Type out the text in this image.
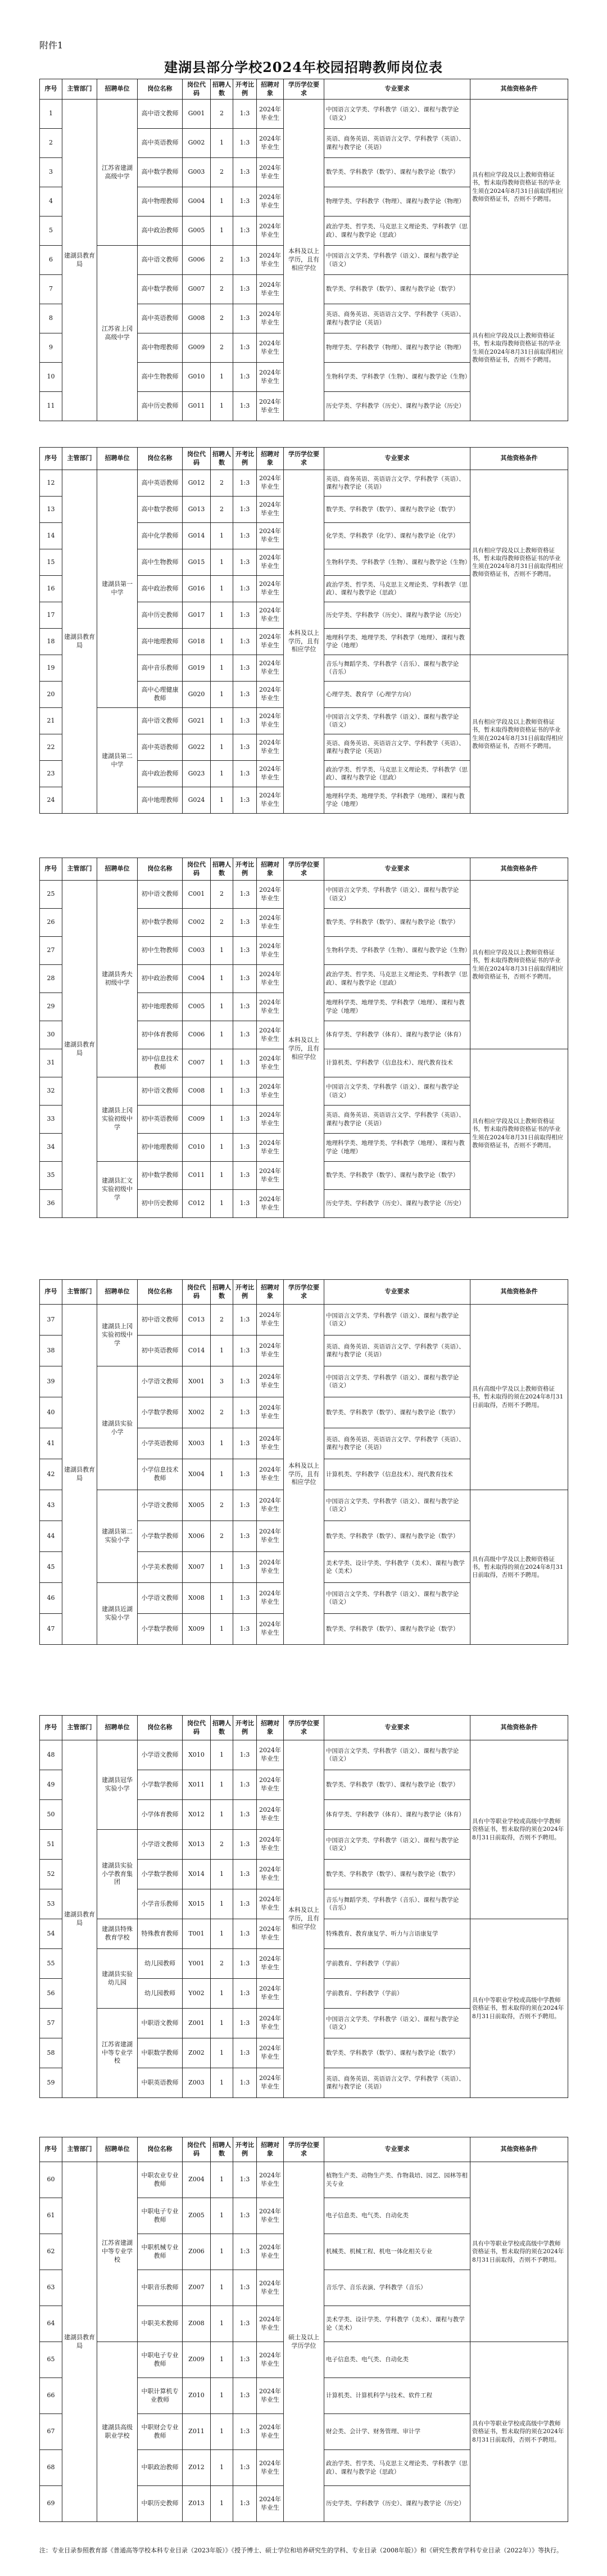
附件1
建湖县部分学校2024年校园招聘教师岗位表
序号	主管部门	招聘单位	岗位名称	岗位代码	招聘人数	开考比例	招聘对象	学历学位要求	专业要求	其他资格条件
1	建湖县教育局	江苏省建湖高级中学	高中语文教师	G001	2	1:3	2024年毕业生	本科及以上学历，且有相应学位	中国语言文学类、学科教学（语文）、课程与教学论（语文）	具有相应学段及以上教师资格证书，暂未取得教师资格证书的毕业生须在2024年8月31日前取得相应教师资格证书，否则不予聘用。
2			高中英语教师	G002	1	1:3	2024年毕业生		英语、商务英语、英语语言文学、学科教学（英语）、课程与教学论（英语）	
3			高中数学教师	G003	2	1:3	2024年毕业生		数学类、学科教学（数学）、课程与教学论（数学）	
4			高中物理教师	G004	1	1:3	2024年毕业生		物理学类、学科教学（物理）、课程与教学论（物理）	
5			高中政治教师	G005	1	1:3	2024年毕业生		政治学类、哲学类、马克思主义理论类、学科教学（思政）、课程与教学论（思政）	
6		江苏省上冈高级中学	高中语文教师	G006	2	1:3	2024年毕业生		中国语言文学类、学科教学（语文）、课程与教学论（语文）	
7			高中数学教师	G007	2	1:3	2024年毕业生		数学类、学科教学（数学）、课程与教学论（数学）	具有相应学段及以上教师资格证书，暂未取得教师资格证书的毕业生须在2024年8月31日前取得相应教师资格证书，否则不予聘用。
8			高中英语教师	G008	2	1:3	2024年毕业生		英语、商务英语、英语语言文学、学科教学（英语）、课程与教学论（英语）	
9			高中物理教师	G009	2	1:3	2024年毕业生		物理学类、学科教学（物理）、课程与教学论（物理）	
10			高中生物教师	G010	1	1:3	2024年毕业生		生物科学类、学科教学（生物）、课程与教学论（生物）	
11			高中历史教师	G011	1	1:3	2024年毕业生		历史学类、学科教学（历史）、课程与教学论（历史）	
序号	主管部门	招聘单位	岗位名称	岗位代码	招聘人数	开考比例	招聘对象	学历学位要求	专业要求	其他资格条件
12	建湖县教育局	建湖县第一中学	高中英语教师	G012	2	1:3	2024年毕业生	本科及以上学历，且有相应学位	英语、商务英语、英语语言文学、学科教学（英语）、课程与教学论（英语）	具有相应学段及以上教师资格证书，暂未取得教师资格证书的毕业生须在2024年8月31日前取得相应教师资格证书，否则不予聘用。
13			高中数学教师	G013	2	1:3	2024年毕业生		数学类、学科教学（数学）、课程与教学论（数学）	
14			高中化学教师	G014	1	1:3	2024年毕业生		化学类、学科教学（化学）、课程与教学论（化学）	
15			高中生物教师	G015	1	1:3	2024年毕业生		生物科学类、学科教学（生物）、课程与教学论（生物）	
16			高中政治教师	G016	1	1:3	2024年毕业生		政治学类、哲学类、马克思主义理论类、学科教学（思政）、课程与教学论（思政）	
17			高中历史教师	G017	1	1:3	2024年毕业生		历史学类、学科教学（历史）、课程与教学论（历史）	
18			高中地理教师	G018	1	1:3	2024年毕业生		地理科学类、地理学类、学科教学（地理）、课程与教学论（地理）	
19			高中音乐教师	G019	1	1:3	2024年毕业生		音乐与舞蹈学类、学科教学（音乐）、课程与教学论（音乐）	具有相应学段及以上教师资格证书，暂未取得教师资格证书的毕业生须在2024年8月31日前取得相应教师资格证书，否则不予聘用。
20			高中心理健康教师	G020	1	1:3	2024年毕业生		心理学类、教育学（心理学方向）	
21		建湖县第二中学	高中语文教师	G021	1	1:3	2024年毕业生		中国语言文学类、学科教学（语文）、课程与教学论（语文）	
22			高中英语教师	G022	1	1:3	2024年毕业生		英语、商务英语、英语语言文学、学科教学（英语）、课程与教学论（英语）	
23			高中政治教师	G023	1	1:3	2024年毕业生		政治学类、哲学类、马克思主义理论类、学科教学（思政）、课程与教学论（思政）	
24			高中地理教师	G024	1	1:3	2024年毕业生		地理科学类、地理学类、学科教学（地理）、课程与教学论（地理）	
序号	主管部门	招聘单位	岗位名称	岗位代码	招聘人数	开考比例	招聘对象	学历学位要求	专业要求	其他资格条件
25	建湖县教育局	建湖县秀夫初级中学	初中语文教师	C001	2	1:3	2024年毕业生	本科及以上学历，且有相应学位	中国语言文学类、学科教学（语文）、课程与教学论（语文）	具有相应学段及以上教师资格证书，暂未取得教师资格证书的毕业生须在2024年8月31日前取得相应教师资格证书，否则不予聘用。
26			初中数学教师	C002	2	1:3	2024年毕业生		数学类、学科教学（数学）、课程与教学论（数学）	
27			初中生物教师	C003	1	1:3	2024年毕业生		生物科学类、学科教学（生物）、课程与教学论（生物）	
28			初中政治教师	C004	1	1:3	2024年毕业生		政治学类、哲学类、马克思主义理论类、学科教学（思政）、课程与教学论（思政）	
29			初中地理教师	C005	1	1:3	2024年毕业生		地理科学类、地理学类、学科教学（地理）、课程与教学论（地理）	
30			初中体育教师	C006	1	1:3	2024年毕业生		体育学类、学科教学（体育）、课程与教学论（体育）	
31			初中信息技术教师	C007	1	1:3	2024年毕业生		计算机类、学科教学（信息技术）、现代教育技术	具有相应学段及以上教师资格证书，暂未取得教师资格证书的毕业生须在2024年8月31日前取得相应教师资格证书，否则不予聘用。
32		建湖县上冈实验初级中学	初中语文教师	C008	1	1:3	2024年毕业生		中国语言文学类、学科教学（语文）、课程与教学论（语文）	
33			初中英语教师	C009	1	1:3	2024年毕业生		英语、商务英语、英语语言文学、学科教学（英语）、课程与教学论（英语）	
34			初中地理教师	C010	1	1:3	2024年毕业生		地理科学类、地理学类、学科教学（地理）、课程与教学论（地理）	
35		建湖县汇文实验初级中学	初中数学教师	C011	1	1:3	2024年毕业生		数学类、学科教学（数学）、课程与教学论（数学）	
36			初中历史教师	C012	1	1:3	2024年毕业生		历史学类、学科教学（历史）、课程与教学论（历史）	
序号	主管部门	招聘单位	岗位名称	岗位代码	招聘人数	开考比例	招聘对象	学历学位要求	专业要求	其他资格条件
37	建湖县教育局	建湖县上冈实验初级中学	初中语文教师	C013	2	1:3	2024年毕业生	本科及以上学历，且有相应学位	中国语言文学类、学科教学（语文）、课程与教学论（语文）	具有高级中学及以上教师资格证书，暂未取得的须在2024年8月31日前取得，否则不予聘用。
38			初中英语教师	C014	1	1:3	2024年毕业生		英语、商务英语、英语语言文学、学科教学（英语）、课程与教学论（英语）	
39		建湖县实验小学	小学语文教师	X001	3	1:3	2024年毕业生		中国语言文学类、学科教学（语文）、课程与教学论（语文）	
40			小学数学教师	X002	2	1:3	2024年毕业生		数学类、学科教学（数学）、课程与教学论（数学）	
41			小学英语教师	X003	1	1:3	2024年毕业生		英语、商务英语、英语语言文学、学科教学（英语）、课程与教学论（英语）	
42			小学信息技术教师	X004	1	1:3	2024年毕业生		计算机类、学科教学（信息技术）、现代教育技术	
43		建湖县第二实验小学	小学语文教师	X005	2	1:3	2024年毕业生		中国语言文学类、学科教学（语文）、课程与教学论（语文）	具有高级中学及以上教师资格证书，暂未取得的须在2024年8月31日前取得，否则不予聘用。
44			小学数学教师	X006	2	1:3	2024年毕业生		数学类、学科教学（数学）、课程与教学论（数学）	
45			小学美术教师	X007	1	1:3	2024年毕业生		美术学类、设计学类、学科教学（美术）、课程与教学论（美术）	
46		建湖县近湖实验小学	小学语文教师	X008	1	1:3	2024年毕业生		中国语言文学类、学科教学（语文）、课程与教学论（语文）	
47			小学数学教师	X009	1	1:3	2024年毕业生		数学类、学科教学（数学）、课程与教学论（数学）	
序号	主管部门	招聘单位	岗位名称	岗位代码	招聘人数	开考比例	招聘对象	学历学位要求	专业要求	其他资格条件
48	建湖县教育局	建湖县冠华实验小学	小学语文教师	X010	1	1:3	2024年毕业生	本科及以上学历，且有相应学位	中国语言文学类、学科教学（语文）、课程与教学论（语文）	具有中等职业学校或高级中学教师资格证书，暂未取得的须在2024年8月31日前取得，否则不予聘用。
49			小学数学教师	X011	1	1:3	2024年毕业生		数学类、学科教学（数学）、课程与教学论（数学）	
50			小学体育教师	X012	1	1:3	2024年毕业生		体育学类、学科教学（体育）、课程与教学论（体育）	
51		建湖县实验小学教育集团	小学语文教师	X013	2	1:3	2024年毕业生		中国语言文学类、学科教学（语文）、课程与教学论（语文）	
52			小学数学教师	X014	1	1:3	2024年毕业生		数学类、学科教学（数学）、课程与教学论（数学）	
53			小学音乐教师	X015	1	1:3	2024年毕业生		音乐与舞蹈学类、学科教学（音乐）、课程与教学论（音乐）	
54		建湖县特殊教育学校	特殊教育教师	T001	1	1:3	2024年毕业生		特殊教育、教育康复学、听力与言语康复学	具有中等职业学校或高级中学教师资格证书，暂未取得的须在2024年8月31日前取得，否则不予聘用。
55		建湖县实验幼儿园	幼儿园教师	Y001	2	1:3	2024年毕业生		学前教育、学科教学（学前）	
56			幼儿园教师	Y002	1	1:3	2024年毕业生		学前教育、学科教学（学前）	
57		江苏省建湖中等专业学校	中职语文教师	Z001	1	1:3	2024年毕业生		中国语言文学类、学科教学（语文）、课程与教学论（语文）	
58			中职数学教师	Z002	1	1:3	2024年毕业生		数学类、学科教学（数学）、课程与教学论（数学）	
59			中职英语教师	Z003	1	1:3	2024年毕业生		英语、商务英语、英语语言文学、学科教学（英语）、课程与教学论（英语）	
序号	主管部门	招聘单位	岗位名称	岗位代码	招聘人数	开考比例	招聘对象	学历学位要求	专业要求	其他资格条件
60	建湖县教育局	江苏省建湖中等专业学校	中职农业专业教师	Z004	1	1:3	2024年毕业生	硕士及以上学历学位	植物生产类、动物生产类、作物栽培、园艺、园林等相关专业	具有中等职业学校或高级中学教师资格证书，暂未取得的须在2024年8月31日前取得，否则不予聘用。
61			中职电子专业教师	Z005	1	1:3	2024年毕业生		电子信息类、电气类、自动化类	
62			中职机械专业教师	Z006	1	1:3	2024年毕业生		机械类、机械工程、机电一体化相关专业	
63			中职音乐教师	Z007	1	1:3	2024年毕业生		音乐学、音乐表演、学科教学（音乐）	
64			中职美术教师	Z008	1	1:3	2024年毕业生		美术学类、设计学类、学科教学（美术）、课程与教学论（美术）	
65		建湖县高级职业学校	中职电子专业教师	Z009	1	1:3	2024年毕业生		电子信息类、电气类、自动化类	具有中等职业学校或高级中学教师资格证书，暂未取得的须在2024年8月31日前取得，否则不予聘用。
66			中职计算机专业教师	Z010	1	1:3	2024年毕业生		计算机类、计算机科学与技术、软件工程	
67			中职财会专业教师	Z011	1	1:3	2024年毕业生		财会类、会计学、财务管理、审计学	
68			中职政治教师	Z012	1	1:3	2024年毕业生		政治学类、哲学类、马克思主义理论类、学科教学（思政）、课程与教学论（思政）	
69			中职历史教师	Z013	1	1:3	2024年毕业生		历史学类、学科教学（历史）、课程与教学论（历史）	
注：专业目录参照教育部《普通高等学校本科专业目录（2023年版）》《授予博士、硕士学位和培养研究生的学科、专业目录（2008年版）》和《研究生教育学科专业目录（2022年）》等执行。
